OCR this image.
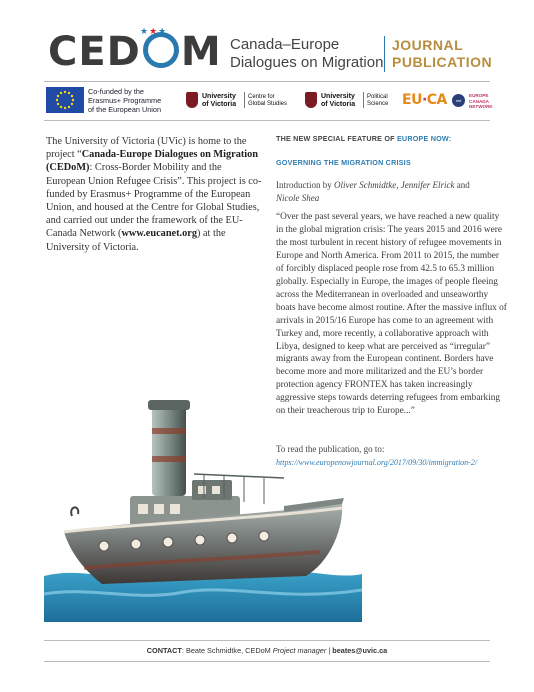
CED M
★★★
Canada–Europe
Dialogues on Migration
JOURNAL
PUBLICATION
Co-funded by the
Erasmus+ Programme
of the European Union
University
of Victoria
Centre for
Global Studies
University
of Victoria
Political
Science EU·CA	net
EUROPE
CANADA
NETWORK
The University of Victoria (UVic) is home to the project “Canada-Europe Dialogues on Migration (CEDoM): Cross-Border Mobility and the European Union Refugee Crisis”. This project is co-funded by Erasmus+ Programme of the European Union, and housed at the Centre for Global Studies, and carried out under the framework of the EU-Canada Network (www.eucanet.org) at the University of Victoria.
THE NEW SPECIAL FEATURE OF EUROPE NOW:
GOVERNING THE MIGRATION CRISIS
Introduction by Oliver Schmidtke, Jennifer Elrick and
Nicole Shea
“Over the past several years, we have reached a new quality in the global migration crisis: The years 2015 and 2016 were the most turbulent in recent history of refugee movements in Europe and North America. From 2011 to 2015, the number of forcibly displaced people rose from 42.5 to 65.3 million globally. Especially in Europe, the images of people fleeing across the Mediterranean in overloaded and unseaworthy boats have become almost routine. After the massive influx of arrivals in 2015/16 Europe has come to an agreement with Turkey and, more recently, a collaborative approach with Libya, designed to keep what are perceived as “irregular” migrants away from the European continent. Borders have become more and more militarized and the EU’s border protection agency FRONTEX has taken increasingly aggressive steps towards deterring refugees from embarking on their treacherous trip to Europe...”
To read the publication, go to:
https://www.europenowjournal.org/2017/09/30/immigration-2/
CONTACT: Beate Schmidtke, CEDoM Project manager | beates@uvic.ca
